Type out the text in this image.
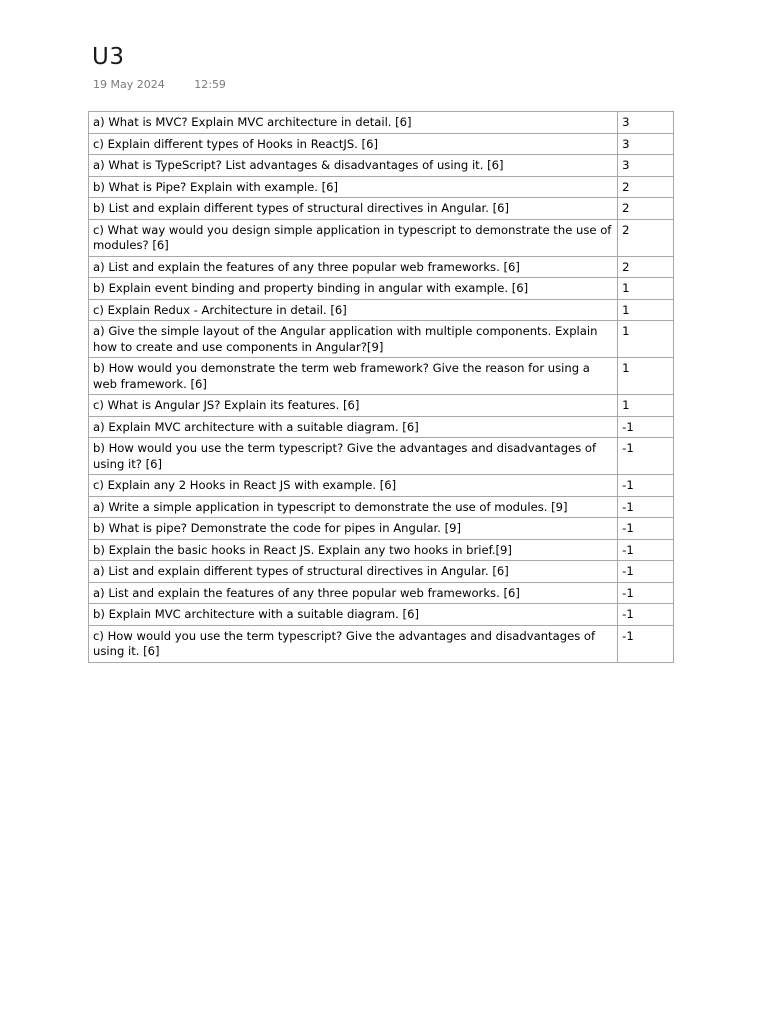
U3
19 May 2024	12:59
a) What is MVC? Explain MVC architecture in detail. [6]	3
c) Explain different types of Hooks in ReactJS. [6]	3
a) What is TypeScript? List advantages & disadvantages of using it. [6]	3
b) What is Pipe? Explain with example. [6]	2
b) List and explain different types of structural directives in Angular. [6]	2
c) What way would you design simple application in typescript to demonstrate the use of modules? [6]	2
a) List and explain the features of any three popular web frameworks. [6]	2
b) Explain event binding and property binding in angular with example. [6]	1
c) Explain Redux - Architecture in detail. [6]	1
a) Give the simple layout of the Angular application with multiple components. Explain how to create and use components in Angular?[9]	1
b) How would you demonstrate the term web framework? Give the reason for using a web framework. [6]	1
c) What is Angular JS? Explain its features. [6]	1
a) Explain MVC architecture with a suitable diagram. [6]	-1
b) How would you use the term typescript? Give the advantages and disadvantages of using it? [6]	-1
c) Explain any 2 Hooks in React JS with example. [6]	-1
a) Write a simple application in typescript to demonstrate the use of modules. [9]	-1
b) What is pipe? Demonstrate the code for pipes in Angular. [9]	-1
b) Explain the basic hooks in React JS. Explain any two hooks in brief.[9]	-1
a) List and explain different types of structural directives in Angular. [6]	-1
a) List and explain the features of any three popular web frameworks. [6]	-1
b) Explain MVC architecture with a suitable diagram. [6]	-1
c) How would you use the term typescript? Give the advantages and disadvantages of using it. [6]	-1
